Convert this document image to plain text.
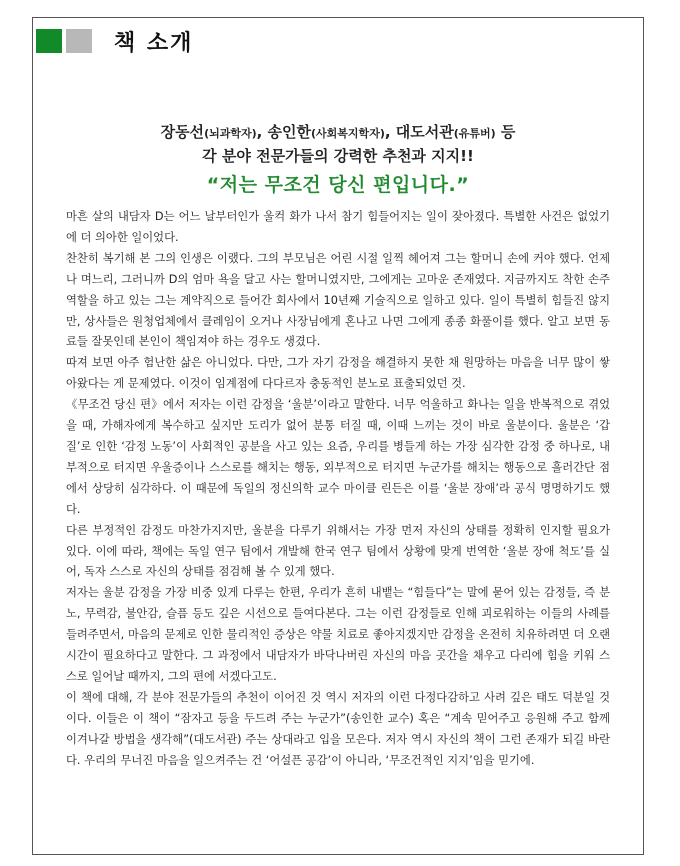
책 소개
장동선(뇌과학자), 송인한(사회복지학자), 대도서관(유튜버) 등
각 분야 전문가들의 강력한 추천과 지지!!
“저는 무조건 당신 편입니다.”

마흔 살의 내담자 D는 어느 날부터인가 울컥 화가 나서 참기 힘들어지는 일이 잦아졌다. 특별한 사건은 없었기에 더 의아한 일이었다.

찬찬히 복기해 본 그의 인생은 이랬다. 그의 부모님은 어린 시절 일찍 헤어져 그는 할머니 손에 커야 했다. 언제나 며느리, 그러니까 D의 엄마 욕을 달고 사는 할머니였지만, 그에게는 고마운 존재였다. 지금까지도 착한 손주 역할을 하고 있는 그는 계약직으로 들어간 회사에서 10년째 기술직으로 일하고 있다. 일이 특별히 힘들진 않지만, 상사들은 원청업체에서 클레임이 오거나 사장님에게 혼나고 나면 그에게 종종 화풀이를 했다. 알고 보면 동료들 잘못인데 본인이 책임져야 하는 경우도 생겼다.

따져 보면 아주 험난한 삶은 아니었다. 다만, 그가 자기 감정을 해결하지 못한 채 원망하는 마음을 너무 많이 쌓아왔다는 게 문제였다. 이것이 임계점에 다다르자 충동적인 분노로 표출되었던 것.

《무조건 당신 편》에서 저자는 이런 감정을 ‘울분’이라고 말한다. 너무 억울하고 화나는 일을 반복적으로 겪었을 때, 가해자에게 복수하고 싶지만 도리가 없어 분통 터질 때, 이때 느끼는 것이 바로 울분이다. 울분은 ‘갑질’로 인한 ‘감정 노동’이 사회적인 공분을 사고 있는 요즘, 우리를 병들게 하는 가장 심각한 감정 중 하나로, 내부적으로 터지면 우울증이나 스스로를 해치는 행동, 외부적으로 터지면 누군가를 해치는 행동으로 흘러간단 점에서 상당히 심각하다. 이 때문에 독일의 정신의학 교수 마이클 린든은 이를 ‘울분 장애’라 공식 명명하기도 했다.

다른 부정적인 감정도 마찬가지지만, 울분을 다루기 위해서는 가장 먼저 자신의 상태를 정확히 인지할 필요가 있다. 이에 따라, 책에는 독일 연구 팀에서 개발해 한국 연구 팀에서 상황에 맞게 번역한 ‘울분 장애 척도’를 실어, 독자 스스로 자신의 상태를 점검해 볼 수 있게 했다.

저자는 울분 감정을 가장 비중 있게 다루는 한편, 우리가 흔히 내뱉는 “힘들다”는 말에 묻어 있는 감정들, 즉 분노, 무력감, 불안감, 슬픔 등도 깊은 시선으로 들여다본다. 그는 이런 감정들로 인해 괴로워하는 이들의 사례를 들려주면서, 마음의 문제로 인한 물리적인 증상은 약물 치료로 좋아지겠지만 감정을 온전히 치유하려면 더 오랜 시간이 필요하다고 말한다. 그 과정에서 내담자가 바닥나버린 자신의 마음 곳간을 채우고 다리에 힘을 키워 스스로 일어날 때까지, 그의 편에 서겠다고도.

이 책에 대해, 각 분야 전문가들의 추천이 이어진 것 역시 저자의 이런 다정다감하고 사려 깊은 태도 덕분일 것이다. 이들은 이 책이 “잠자고 등을 두드려 주는 누군가”(송인한 교수) 혹은 “계속 믿어주고 응원해 주고 함께 이겨나갈 방법을 생각해”(대도서관) 주는 상대라고 입을 모은다. 저자 역시 자신의 책이 그런 존재가 되길 바란다. 우리의 무너진 마음을 일으켜주는 건 ‘어설픈 공감’이 아니라, ‘무조건적인 지지’임을 믿기에.
